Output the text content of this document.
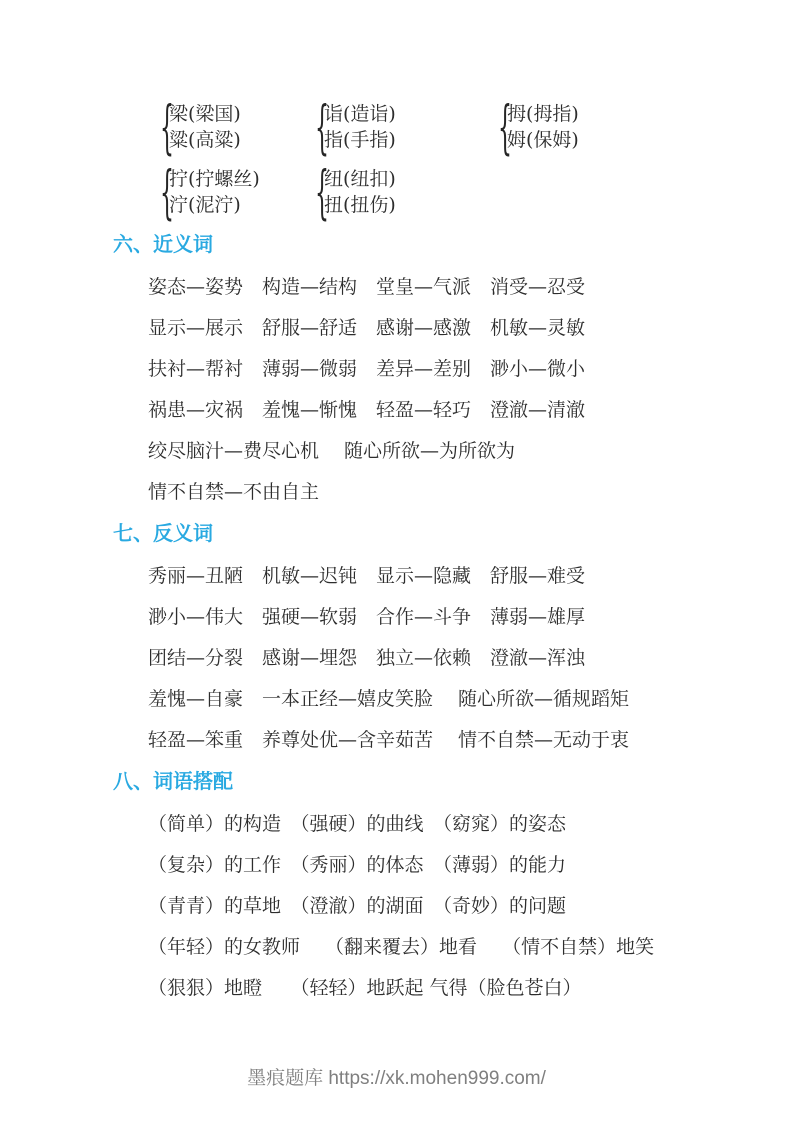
{
梁(梁国)
粱(高粱) {
诣(造诣)
指(手指) {
拇(拇指)
姆(保姆)
{
拧(拧螺丝)
泞(泥泞)	{
纽(纽扣)
扭(扭伤)
六、近义词
姿态—姿势　构造—结构　堂皇—气派　消受—忍受
显示—展示　舒服—舒适　感谢—感激　机敏—灵敏
扶衬—帮衬　薄弱—微弱　差异—差别　渺小—微小
祸患—灾祸　羞愧—惭愧　轻盈—轻巧　澄澈—清澈
绞尽脑汁—费尽心机　 随心所欲—为所欲为
情不自禁—不由自主
七、反义词
秀丽—丑陋　机敏—迟钝　显示—隐藏　舒服—难受
渺小—伟大　强硬—软弱　合作—斗争　薄弱—雄厚
团结—分裂　感谢—埋怨　独立—依赖　澄澈—浑浊
羞愧—自豪　一本正经—嬉皮笑脸　 随心所欲—循规蹈矩
轻盈—笨重　养尊处优—含辛茹苦　 情不自禁—无动于衷
八、词语搭配
（简单）的构造　（强硬）的曲线　（窈窕）的姿态
（复杂）的工作　（秀丽）的体态　（薄弱）的能力
（青青）的草地　（澄澈）的湖面　（奇妙）的问题
（年轻）的女教师　 （翻来覆去）地看　 （情不自禁）地笑
（狠狠）地瞪　　（轻轻）地跃起 气得（脸色苍白）
墨痕题库 https://xk.mohen999.com/
